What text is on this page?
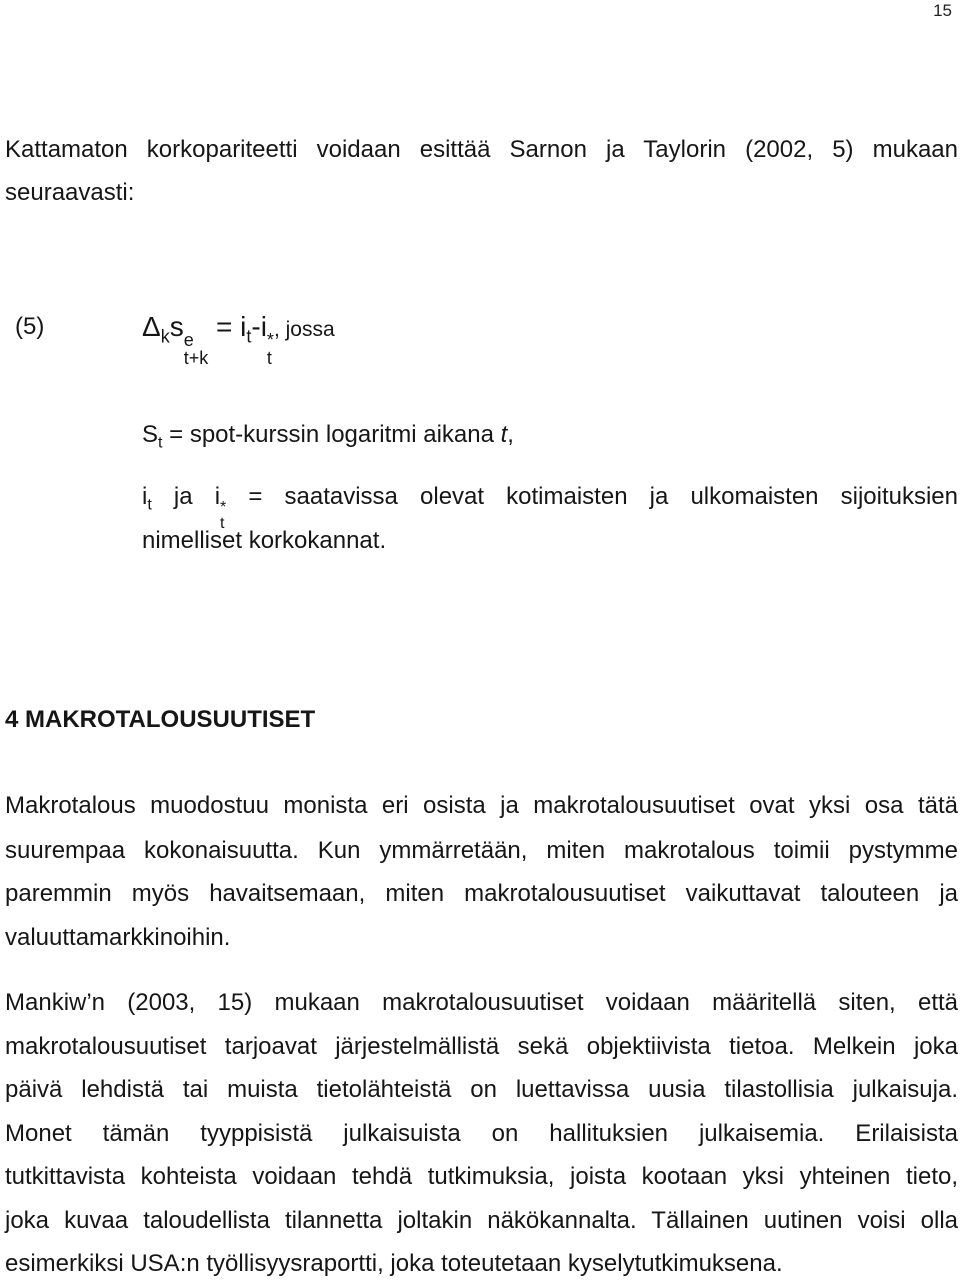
15
Kattamaton korkopariteetti voidaan esittää Sarnon ja Taylorin (2002, 5) mukaan
seuraavasti:
(5)	$\Delta_ks$ e
t+k
= $i_t-i$ *
t
, jossa
$S_t$ = spot-kurssin logaritmi aikana t,
$i_t$ ja i *
t
= saatavissa olevat kotimaisten ja ulkomaisten sijoituksien
nimelliset korkokannat.
4 MAKROTALOUSUUTISET
Makrotalous muodostuu monista eri osista ja makrotalousuutiset ovat yksi osa tätä
suurempaa kokonaisuutta. Kun ymmärretään, miten makrotalous toimii pystymme
paremmin myös havaitsemaan, miten makrotalousuutiset vaikuttavat talouteen ja
valuuttamarkkinoihin.
Mankiw’n (2003, 15) mukaan makrotalousuutiset voidaan määritellä siten, että
makrotalousuutiset tarjoavat järjestelmällistä sekä objektiivista tietoa. Melkein joka
päivä lehdistä tai muista tietolähteistä on luettavissa uusia tilastollisia julkaisuja.
Monet tämän tyyppisistä julkaisuista on hallituksien julkaisemia. Erilaisista
tutkittavista kohteista voidaan tehdä tutkimuksia, joista kootaan yksi yhteinen tieto,
joka kuvaa taloudellista tilannetta joltakin näkökannalta. Tällainen uutinen voisi olla
esimerkiksi USA:n työllisyysraportti, joka toteutetaan kyselytutkimuksena.
